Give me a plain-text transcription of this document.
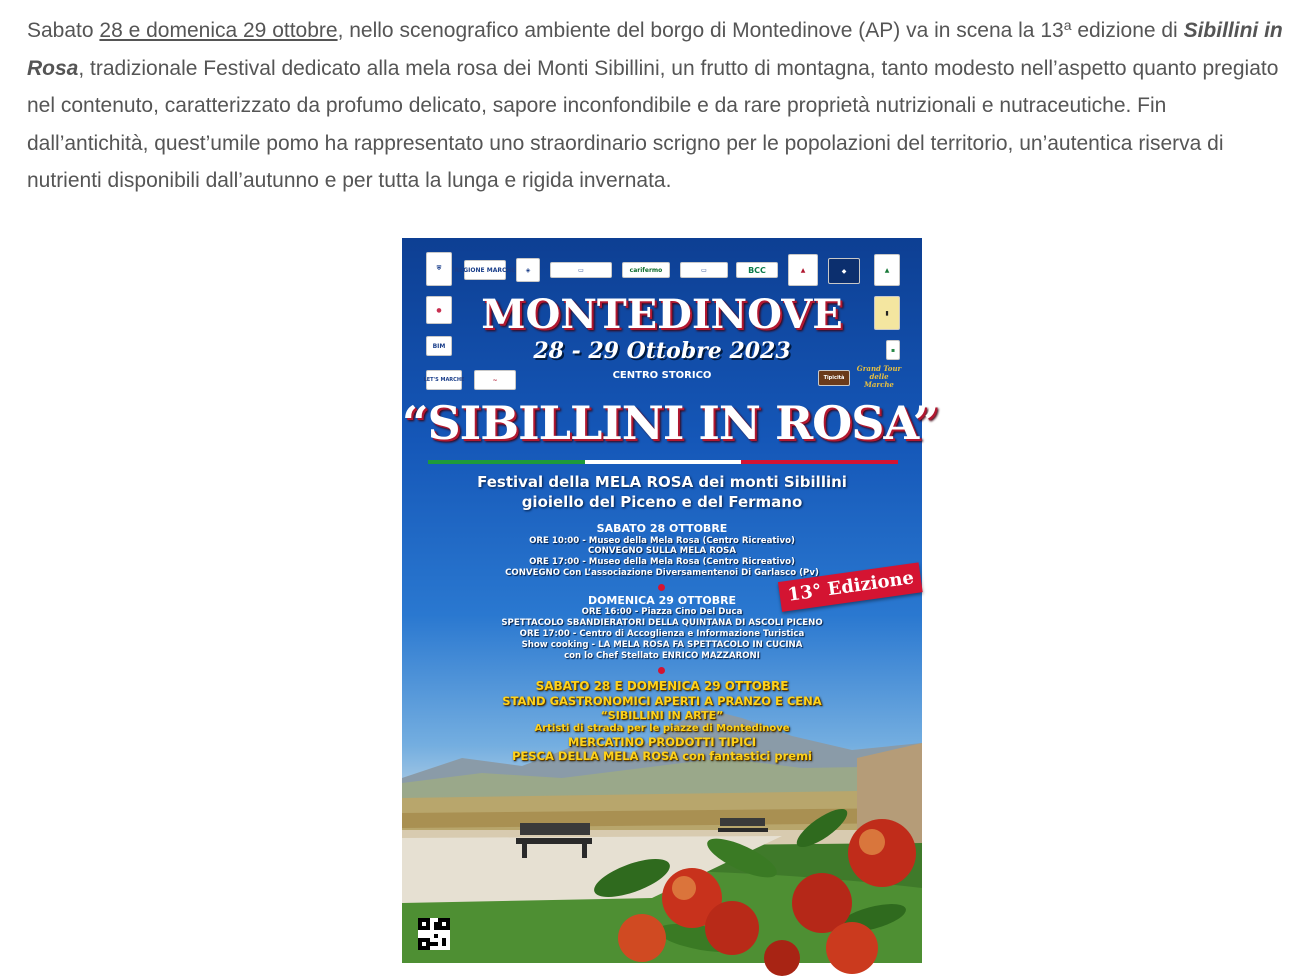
Sabato 28 e domenica 29 ottobre, nello scenografico ambiente del borgo di Montedinove (AP) va in scena la 13$^a$ edizione di Sibillini in Rosa, tradizionale Festival dedicato alla mela rosa dei Monti Sibillini, un frutto di montagna, tanto modesto nell’aspetto quanto pregiato nel contenuto, caratterizzato da profumo delicato, sapore inconfondibile e da rare proprietà nutrizionali e nutraceutiche. Fin dall’antichità, quest’umile pomo ha rappresentato uno straordinario scrigno per le popolazioni del territorio, un’autentica riserva di nutrienti disponibili dall’autunno e per tutta la lunga e rigida invernata.

⛨	REGIONE MARCHE	◈	▭	carifermo	▭	BCC	▲	◆	▲
●	▮
BIM
▪
LET'S MARCHE	~	Tipicità
Grand Tour delle Marche
MONTEDINOVE
28 - 29 Ottobre 2023
CENTRO STORICO
“SIBILLINI IN ROSA”
Festival della MELA ROSA dei monti Sibillini
gioiello del Piceno e del Fermano
SABATO 28 OTTOBRE
ORE 10:00 - Museo della Mela Rosa (Centro Ricreativo)
CONVEGNO SULLA MELA ROSA
ORE 17:00 - Museo della Mela Rosa (Centro Ricreativo)
CONVEGNO Con L’associazione Diversamentenoi Di Garlasco (Pv)
DOMENICA 29 OTTOBRE
ORE 16:00 - Piazza Cino Del Duca
SPETTACOLO SBANDIERATORI DELLA QUINTANA DI ASCOLI PICENO
ORE 17:00 - Centro di Accoglienza e Informazione Turistica
Show cooking - LA MELA ROSA FA SPETTACOLO IN CUCINA
con lo Chef Stellato ENRICO MAZZARONI
13° Edizione
SABATO 28 E DOMENICA 29 OTTOBRE
STAND GASTRONOMICI APERTI A PRANZO E CENA
“SIBILLINI IN ARTE”
Artisti di strada per le piazze di Montedinove
MERCATINO PRODOTTI TIPICI
PESCA DELLA MELA ROSA con fantastici premi
